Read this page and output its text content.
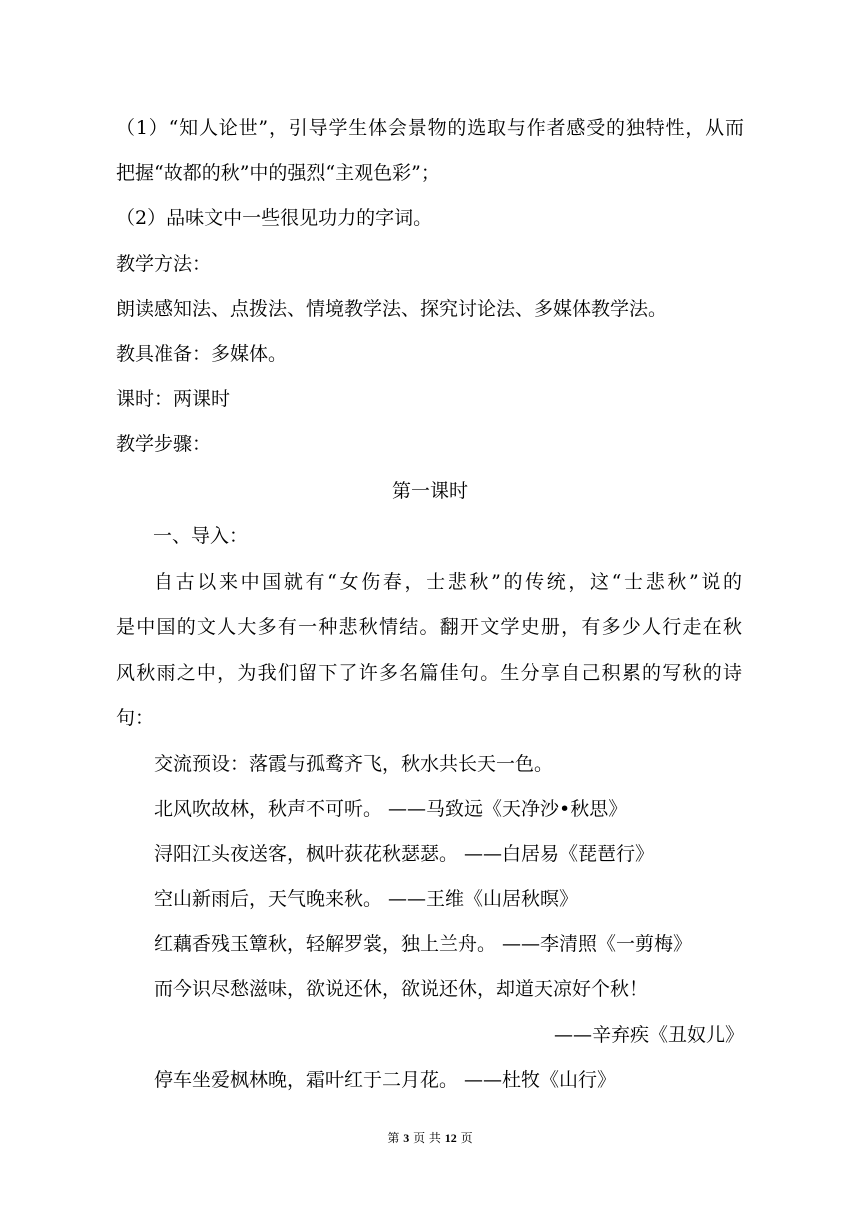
（1）“知人论世”，引导学生体会景物的选取与作者感受的独特性，从而
把握“故都的秋”中的强烈“主观色彩”；
（2）品味文中一些很见功力的字词。
教学方法：
朗读感知法、点拨法、情境教学法、探究讨论法、多媒体教学法。
教具准备：多媒体。
课时：两课时
教学步骤：
第一课时
一、导入：
自古以来中国就有“女伤春，士悲秋”的传统，这“士悲秋”说的
是中国的文人大多有一种悲秋情结。翻开文学史册，有多少人行走在秋
风秋雨之中，为我们留下了许多名篇佳句。生分享自己积累的写秋的诗
句：
交流预设：落霞与孤鹜齐飞，秋水共长天一色。
北风吹故林，秋声不可听。 ——马致远《天净沙•秋思》
浔阳江头夜送客，枫叶荻花秋瑟瑟。 ——白居易《琵琶行》
空山新雨后，天气晚来秋。 ——王维《山居秋暝》
红藕香残玉簟秋，轻解罗裳，独上兰舟。 ——李清照《一剪梅》
而今识尽愁滋味，欲说还休，欲说还休，却道天凉好个秋！
——辛弃疾《丑奴儿》
停车坐爱枫林晚，霜叶红于二月花。 ——杜牧《山行》
第 3 页 共 12 页
